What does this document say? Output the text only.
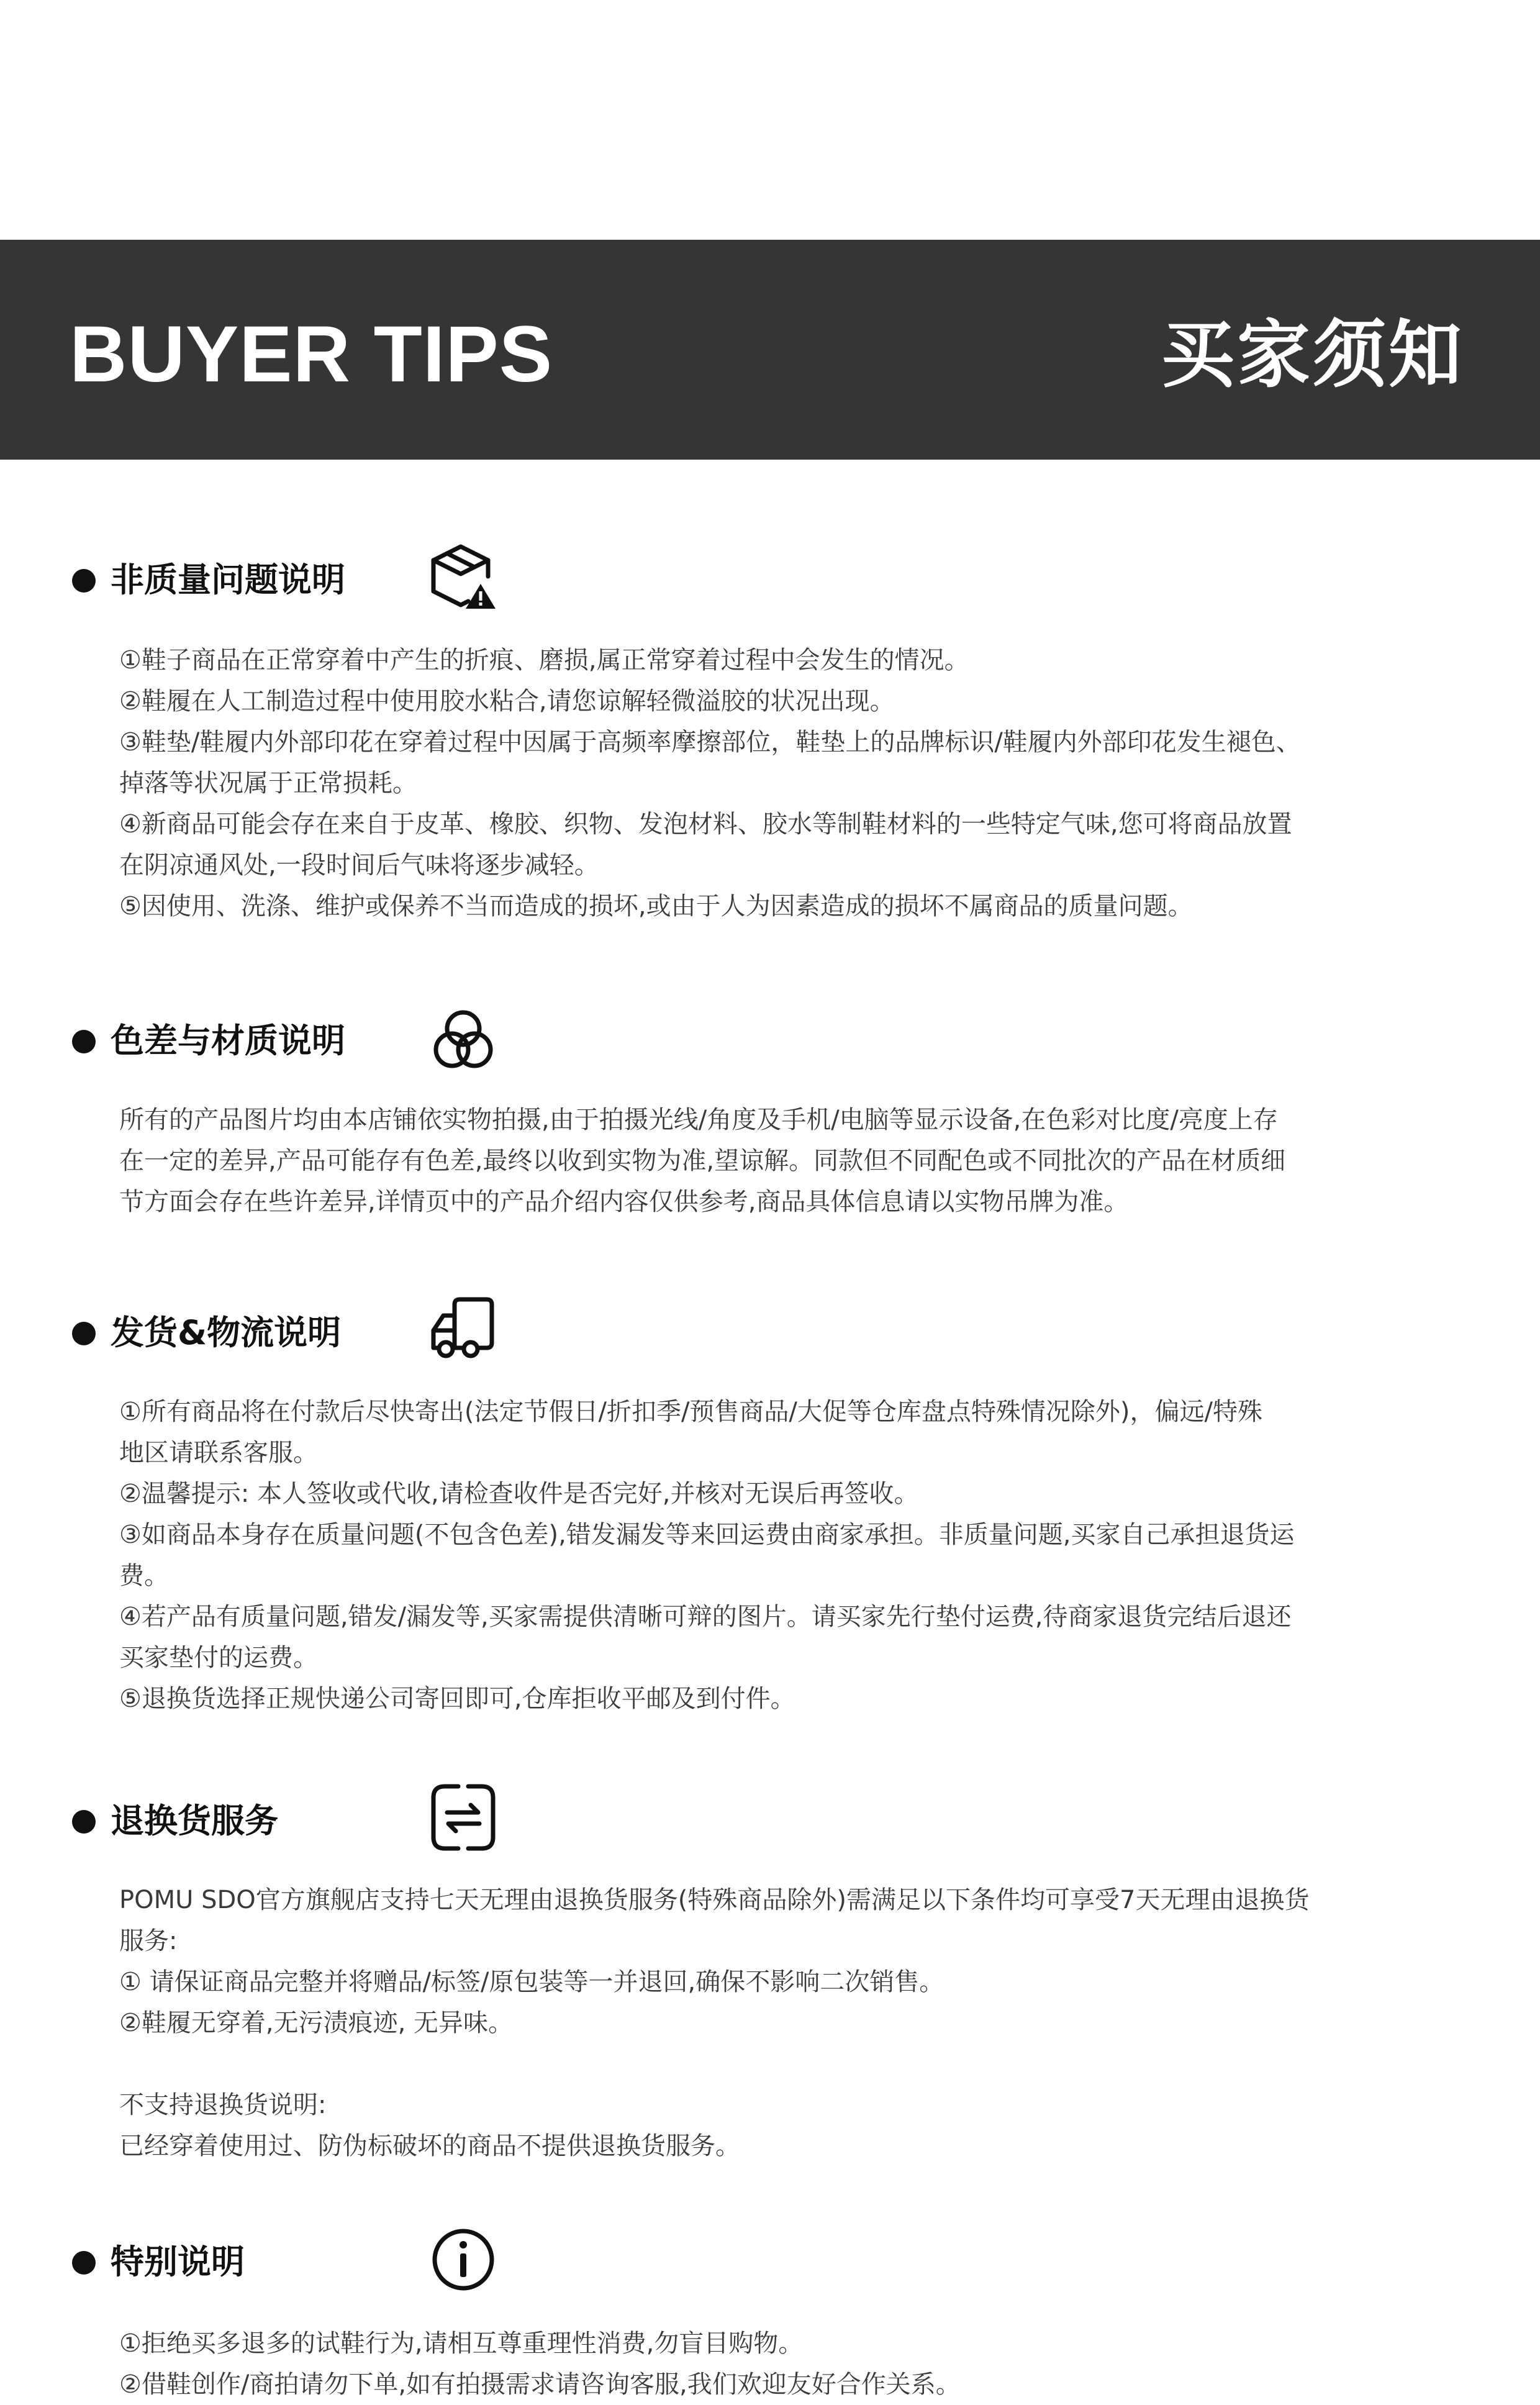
BUYER TIPS	买家须知
非质量问题说明

①鞋子商品在正常穿着中产生的折痕、磨损,属正常穿着过程中会发生的情况。

②鞋履在人工制造过程中使用胶水粘合,请您谅解轻微溢胶的状况出现。

③鞋垫/鞋履内外部印花在穿着过程中因属于高频率摩擦部位，鞋垫上的品牌标识/鞋履内外部印花发生褪色、

掉落等状况属于正常损耗。

④新商品可能会存在来自于皮革、橡胶、织物、发泡材料、胶水等制鞋材料的一些特定气味,您可将商品放置

在阴凉通风处,一段时间后气味将逐步减轻。

⑤因使用、洗涤、维护或保养不当而造成的损坏,或由于人为因素造成的损坏不属商品的质量问题。

色差与材质说明

所有的产品图片均由本店铺依实物拍摄,由于拍摄光线/角度及手机/电脑等显示设备,在色彩对比度/亮度上存

在一定的差异,产品可能存有色差,最终以收到实物为准,望谅解。同款但不同配色或不同批次的产品在材质细

节方面会存在些许差异,详情页中的产品介绍内容仅供参考,商品具体信息请以实物吊牌为准。

发货&物流说明

①所有商品将在付款后尽快寄出(法定节假日/折扣季/预售商品/大促等仓库盘点特殊情况除外)，偏远/特殊

地区请联系客服。

②温馨提示: 本人签收或代收,请检查收件是否完好,并核对无误后再签收。

③如商品本身存在质量问题(不包含色差),错发漏发等来回运费由商家承担。非质量问题,买家自己承担退货运

费。

④若产品有质量问题,错发/漏发等,买家需提供清晰可辩的图片。请买家先行垫付运费,待商家退货完结后退还

买家垫付的运费。

⑤退换货选择正规快递公司寄回即可,仓库拒收平邮及到付件。

退换货服务

POMU SDO官方旗舰店支持七天无理由退换货服务(特殊商品除外)需满足以下条件均可享受7天无理由退换货

服务:

① 请保证商品完整并将赠品/标签/原包装等一并退回,确保不影响二次销售。

②鞋履无穿着,无污渍痕迹, 无异味。

不支持退换货说明:

已经穿着使用过、防伪标破坏的商品不提供退换货服务。

特别说明

①拒绝买多退多的试鞋行为,请相互尊重理性消费,勿盲目购物。

②借鞋创作/商拍请勿下单,如有拍摄需求请咨询客服,我们欢迎友好合作关系。
